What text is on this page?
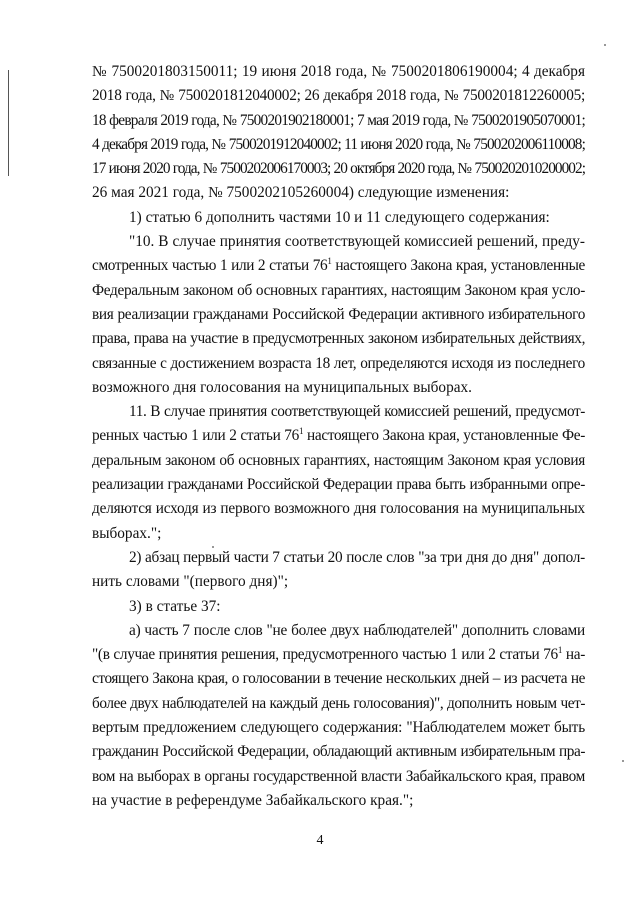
№ 7500201803150011; 19 июня 2018 года, № 7500201806190004; 4 декабря
2018 года, № 7500201812040002; 26 декабря 2018 года, № 7500201812260005;
18 февраля 2019 года, № 7500201902180001; 7 мая 2019 года, № 7500201905070001;
4 декабря 2019 года, № 7500201912040002; 11 июня 2020 года, № 7500202006110008;
17 июня 2020 года, № 7500202006170003; 20 октября 2020 года, № 7500202010200002;
26 мая 2021 года, № 7500202105260004) следующие изменения:
1) статью 6 дополнить частями 10 и 11 следующего содержания:
"10. В случае принятия соответствующей комиссией решений, преду-
смотренных частью 1 или 2 статьи $76^1$ настоящего Закона края, установленные
Федеральным законом об основных гарантиях, настоящим Законом края усло-
вия реализации гражданами Российской Федерации активного избирательного
права, права на участие в предусмотренных законом избирательных действиях,
связанные с достижением возраста 18 лет, определяются исходя из последнего
возможного дня голосования на муниципальных выборах.
11. В случае принятия соответствующей комиссией решений, предусмот-
ренных частью 1 или 2 статьи $76^1$ настоящего Закона края, установленные Фе-
деральным законом об основных гарантиях, настоящим Законом края условия
реализации гражданами Российской Федерации права быть избранными опре-
деляются исходя из первого возможного дня голосования на муниципальных
выборах.";
2) абзац первый части 7 статьи 20 после слов "за три дня до дня" допол-
нить словами "(первого дня)";
3) в статье 37:
а) часть 7 после слов "не более двух наблюдателей" дополнить словами
"(в случае принятия решения, предусмотренного частью 1 или 2 статьи $76^1$ на-
стоящего Закона края, о голосовании в течение нескольких дней – из расчета не
более двух наблюдателей на каждый день голосования)", дополнить новым чет-
вертым предложением следующего содержания: "Наблюдателем может быть
гражданин Российской Федерации, обладающий активным избирательным пра-
вом на выборах в органы государственной власти Забайкальского края, правом
на участие в референдуме Забайкальского края.";
4
